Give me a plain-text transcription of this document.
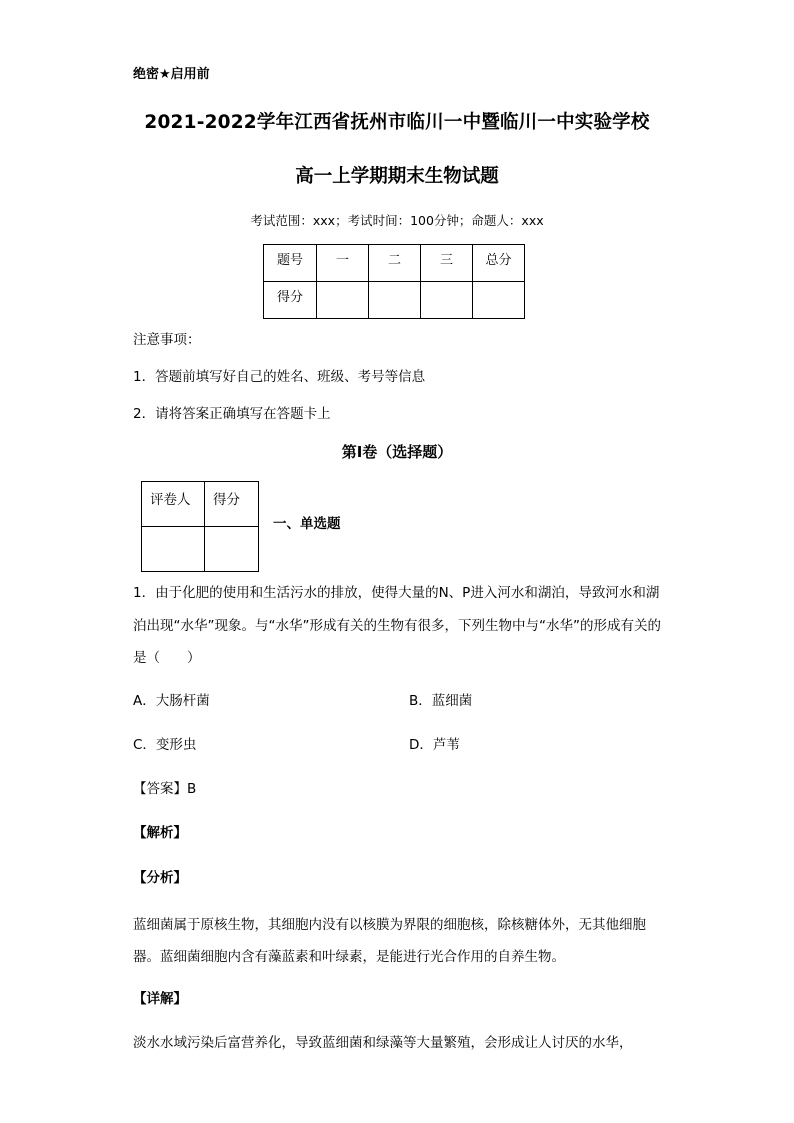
绝密★启用前
2021-2022学年江西省抚州市临川一中暨临川一中实验学校
高一上学期期末生物试题
考试范围：xxx；考试时间：100分钟；命题人：xxx
题号	一	二	三	总分
得分				
注意事项：
1．答题前填写好自己的姓名、班级、考号等信息
2．请将答案正确填写在答题卡上
第I卷（选择题）
评卷人	得分

一、单选题
1．由于化肥的使用和生活污水的排放，使得大量的N、P进入河水和湖泊，导致河水和湖泊出现“水华”现象。与“水华”形成有关的生物有很多，下列生物中与“水华”的形成有关的是（　　）
A．大肠杆菌	B．蓝细菌
C．变形虫	D．芦苇
【答案】B
【解析】
【分析】
蓝细菌属于原核生物，其细胞内没有以核膜为界限的细胞核，除核糖体外，无其他细胞器。蓝细菌细胞内含有藻蓝素和叶绿素，是能进行光合作用的自养生物。
【详解】
淡水水域污染后富营养化，导致蓝细菌和绿藻等大量繁殖，会形成让人讨厌的水华，
